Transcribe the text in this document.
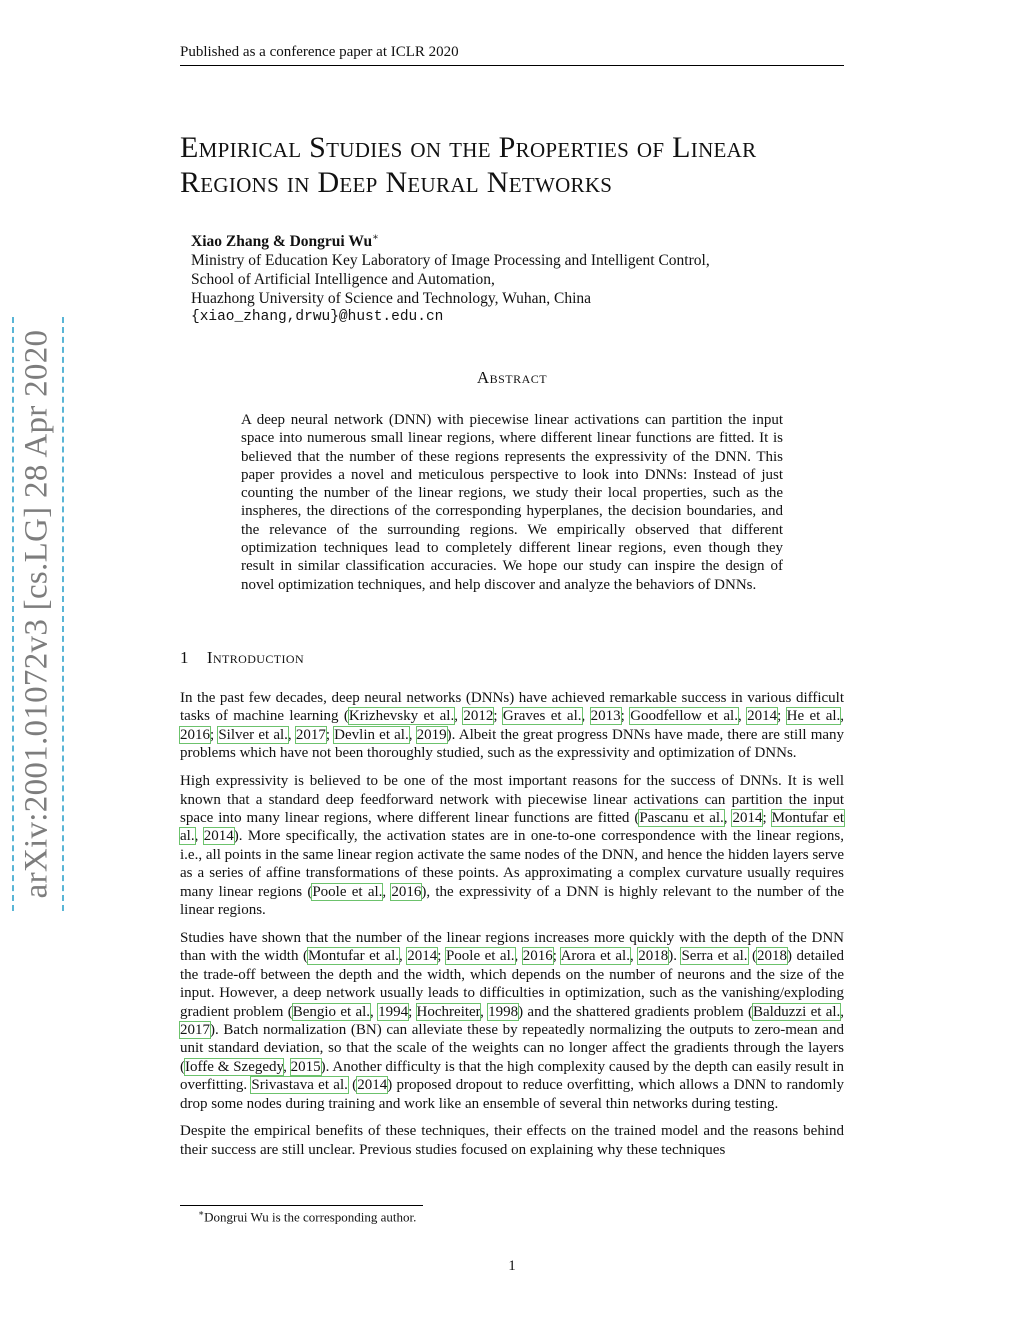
Published as a conference paper at ICLR 2020
arXiv:2001.01072v3 [cs.LG] 28 Apr 2020
Empirical Studies on the Properties of Linear
Regions in Deep Neural Networks
Xiao Zhang & Dongrui Wu∗
Ministry of Education Key Laboratory of Image Processing and Intelligent Control,
School of Artificial Intelligence and Automation,
Huazhong University of Science and Technology, Wuhan, China
{xiao_zhang,drwu}@hust.edu.cn
Abstract
A deep neural network (DNN) with piecewise linear activations can partition the input space into numerous small linear regions, where different linear functions are fitted. It is believed that the number of these regions represents the expressivity of the DNN. This paper provides a novel and meticulous perspective to look into DNNs: Instead of just counting the number of the linear regions, we study their local properties, such as the inspheres, the directions of the corresponding hyperplanes, the decision boundaries, and the relevance of the surrounding regions. We empirically observed that different optimization techniques lead to completely different linear regions, even though they result in similar classification accuracies. We hope our study can inspire the design of novel optimization techniques, and help discover and analyze the behaviors of DNNs.
1 Introduction

In the past few decades, deep neural networks (DNNs) have achieved remarkable success in various difficult tasks of machine learning (Krizhevsky et al., 2012; Graves et al., 2013; Goodfellow et al., 2014; He et al., 2016; Silver et al., 2017; Devlin et al., 2019). Albeit the great progress DNNs have made, there are still many problems which have not been thoroughly studied, such as the expressivity and optimization of DNNs.

High expressivity is believed to be one of the most important reasons for the success of DNNs. It is well known that a standard deep feedforward network with piecewise linear activations can partition the input space into many linear regions, where different linear functions are fitted (Pascanu et al., 2014; Montufar et al., 2014). More specifically, the activation states are in one-to-one correspondence with the linear regions, i.e., all points in the same linear region activate the same nodes of the DNN, and hence the hidden layers serve as a series of affine transformations of these points. As approximating a complex curvature usually requires many linear regions (Poole et al., 2016), the expressivity of a DNN is highly relevant to the number of the linear regions.

Studies have shown that the number of the linear regions increases more quickly with the depth of the DNN than with the width (Montufar et al., 2014; Poole et al., 2016; Arora et al., 2018). Serra et al. (2018) detailed the trade-off between the depth and the width, which depends on the number of neurons and the size of the input. However, a deep network usually leads to difficulties in optimization, such as the vanishing/exploding gradient problem (Bengio et al., 1994; Hochreiter, 1998) and the shattered gradients problem (Balduzzi et al., 2017). Batch normalization (BN) can alleviate these by repeatedly normalizing the outputs to zero-mean and unit standard deviation, so that the scale of the weights can no longer affect the gradients through the layers (Ioffe & Szegedy, 2015). Another difficulty is that the high complexity caused by the depth can easily result in overfitting. Srivastava et al. (2014) proposed dropout to reduce overfitting, which allows a DNN to randomly drop some nodes during training and work like an ensemble of several thin networks during testing.

Despite the empirical benefits of these techniques, their effects on the trained model and the reasons behind their success are still unclear. Previous studies focused on explaining why these techniques

∗Dongrui Wu is the corresponding author.
1
